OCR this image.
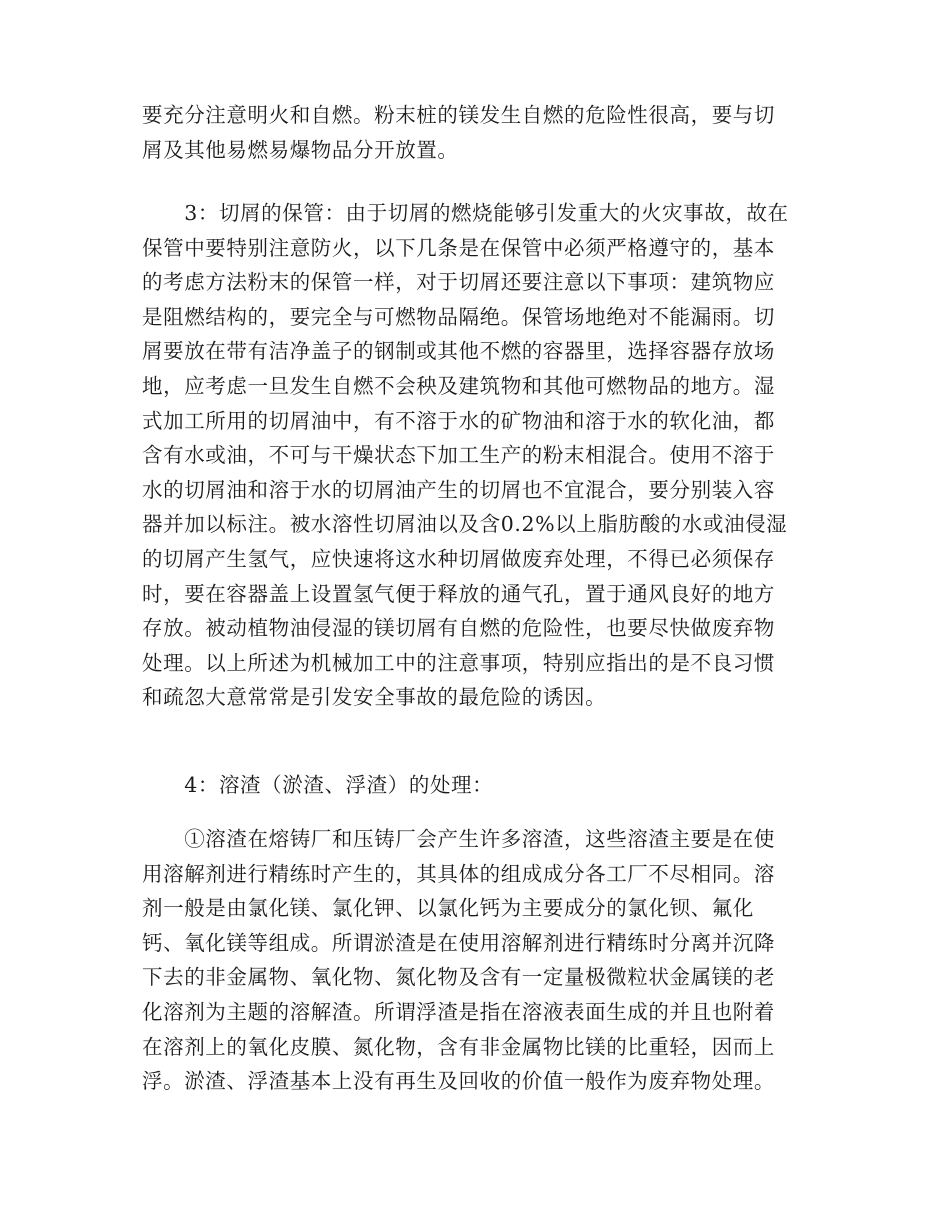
要充分注意明火和自燃。粉末桩的镁发生自燃的危险性很高，要与切
屑及其他易燃易爆物品分开放置。
　　3：切屑的保管：由于切屑的燃烧能够引发重大的火灾事故，故在
保管中要特别注意防火，以下几条是在保管中必须严格遵守的，基本
的考虑方法粉末的保管一样，对于切屑还要注意以下事项：建筑物应
是阻燃结构的，要完全与可燃物品隔绝。保管场地绝对不能漏雨。切
屑要放在带有洁净盖子的钢制或其他不燃的容器里，选择容器存放场
地，应考虑一旦发生自燃不会秧及建筑物和其他可燃物品的地方。湿
式加工所用的切屑油中，有不溶于水的矿物油和溶于水的软化油，都
含有水或油，不可与干燥状态下加工生产的粉末相混合。使用不溶于
水的切屑油和溶于水的切屑油产生的切屑也不宜混合，要分别装入容
器并加以标注。被水溶性切屑油以及含0.2%以上脂肪酸的水或油侵湿
的切屑产生氢气，应快速将这水种切屑做废弃处理，不得已必须保存
时，要在容器盖上设置氢气便于释放的通气孔，置于通风良好的地方
存放。被动植物油侵湿的镁切屑有自燃的危险性，也要尽快做废弃物
处理。以上所述为机械加工中的注意事项，特别应指出的是不良习惯
和疏忽大意常常是引发安全事故的最危险的诱因。
　　4：溶渣（淤渣、浮渣）的处理：
　　①溶渣在熔铸厂和压铸厂会产生许多溶渣，这些溶渣主要是在使
用溶解剂进行精练时产生的，其具体的组成成分各工厂不尽相同。溶
剂一般是由氯化镁、氯化钾、以氯化钙为主要成分的氯化钡、氟化
钙、氧化镁等组成。所谓淤渣是在使用溶解剂进行精练时分离并沉降
下去的非金属物、氧化物、氮化物及含有一定量极微粒状金属镁的老
化溶剂为主题的溶解渣。所谓浮渣是指在溶液表面生成的并且也附着
在溶剂上的氧化皮膜、氮化物，含有非金属物比镁的比重轻，因而上
浮。淤渣、浮渣基本上没有再生及回收的价值一般作为废弃物处理。
